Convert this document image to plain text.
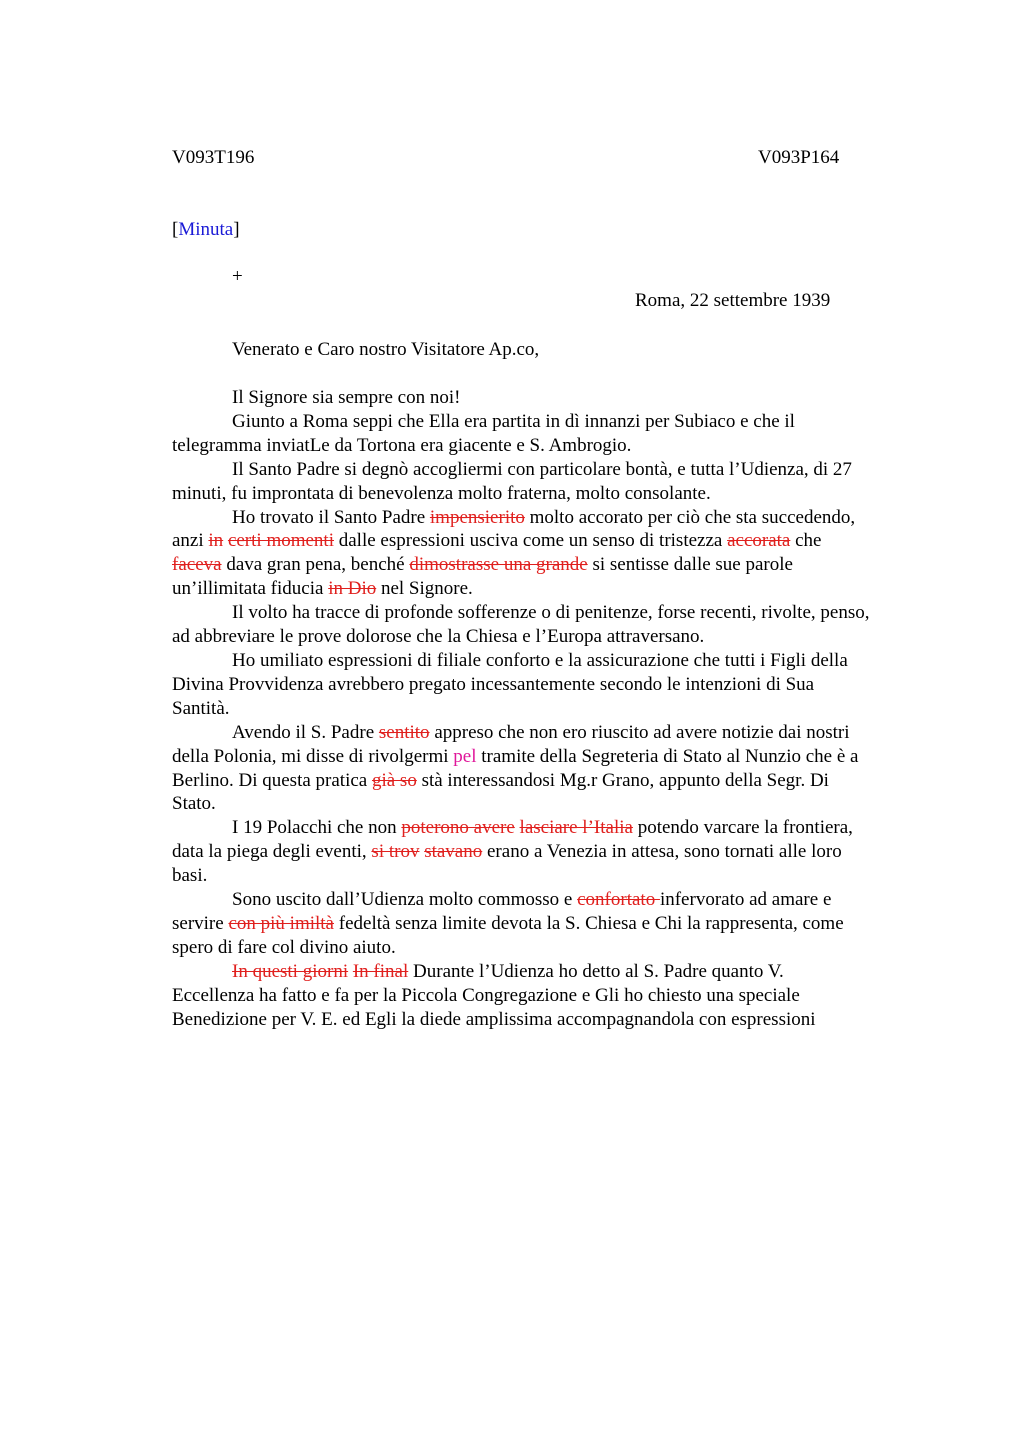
V093T196	V093P164
[Minuta]
+
Roma, 22 settembre 1939
Venerato e Caro nostro Visitatore Ap.co,
Il Signore sia sempre con noi!
Giunto a Roma seppi che Ella era partita in dì innanzi per Subiaco e che il
telegramma inviatLe da Tortona era giacente e S. Ambrogio.
Il Santo Padre si degnò accogliermi con particolare bontà, e tutta l’Udienza, di 27
minuti, fu improntata di benevolenza molto fraterna, molto consolante.
Ho trovato il Santo Padre impensierito molto accorato per ciò che sta succedendo,
anzi in certi momenti dalle espressioni usciva come un senso di tristezza accorata che
faceva dava gran pena, benché dimostrasse una grande si sentisse dalle sue parole
un’illimitata fiducia in Dio nel Signore.
Il volto ha tracce di profonde sofferenze o di penitenze, forse recenti, rivolte, penso,
ad abbreviare le prove dolorose che la Chiesa e l’Europa attraversano.
Ho umiliato espressioni di filiale conforto e la assicurazione che tutti i Figli della
Divina Provvidenza avrebbero pregato incessantemente secondo le intenzioni di Sua
Santità.
Avendo il S. Padre sentito appreso che non ero riuscito ad avere notizie dai nostri
della Polonia, mi disse di rivolgermi pel tramite della Segreteria di Stato al Nunzio che è a
Berlino. Di questa pratica già so stà interessandosi Mg.r Grano, appunto della Segr. Di
Stato.
I 19 Polacchi che non poterono avere lasciare l’Italia potendo varcare la frontiera,
data la piega degli eventi, si trov stavano erano a Venezia in attesa, sono tornati alle loro
basi.
Sono uscito dall’Udienza molto commosso e confortato infervorato ad amare e
servire con più imiltà fedeltà senza limite devota la S. Chiesa e Chi la rappresenta, come
spero di fare col divino aiuto.
In questi giorni In final Durante l’Udienza ho detto al S. Padre quanto V.
Eccellenza ha fatto e fa per la Piccola Congregazione e Gli ho chiesto una speciale
Benedizione per V. E. ed Egli la diede amplissima accompagnandola con espressioni
